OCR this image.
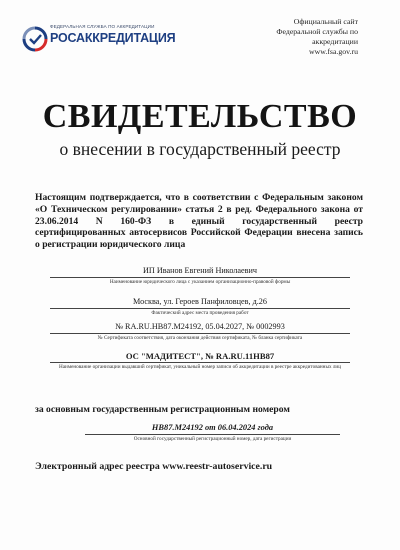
ФЕДЕРАЛЬНАЯ СЛУЖБА ПО АККРЕДИТАЦИИ
РОСАККРЕДИТАЦИЯ
Официальный сайт
Федеральной службы по
аккредитации
www.fsa.gov.ru
СВИДЕТЕЛЬСТВО
о внесении в государственный реестр
Настоящим подтверждается, что в соответствии с Федеральным законом «О Техническом регулировании» статья 2 в ред. Федерального закона от 23.06.2014 N 160-ФЗ в единый государственный реестр сертифицированных автосервисов Российской Федерации внесена запись о регистрации юридического лица
ИП Иванов Евгений Николаевич
Наименование юридического лица с указанием организационно-правовой формы
Москва, ул. Героев Панфиловцев, д.26
Фактический адрес места проведения работ
№ RA.RU.HB87.M24192, 05.04.2027, № 0002993
№ Сертификата соответствия, дата окончания действия сертификата, № бланка сертификата
ОС "МАДИТЕСТ", № RA.RU.11HB87
Наименование организации выдавший сертификат, уникальный номер записи об аккредитации в реестре аккредитованных лиц
за основным государственным регистрационным номером
HB87.M24192 от 06.04.2024 года
Основной государственный регистрационный номер, дата регистрации
Электронный адрес реестра www.reestr-autoservice.ru
